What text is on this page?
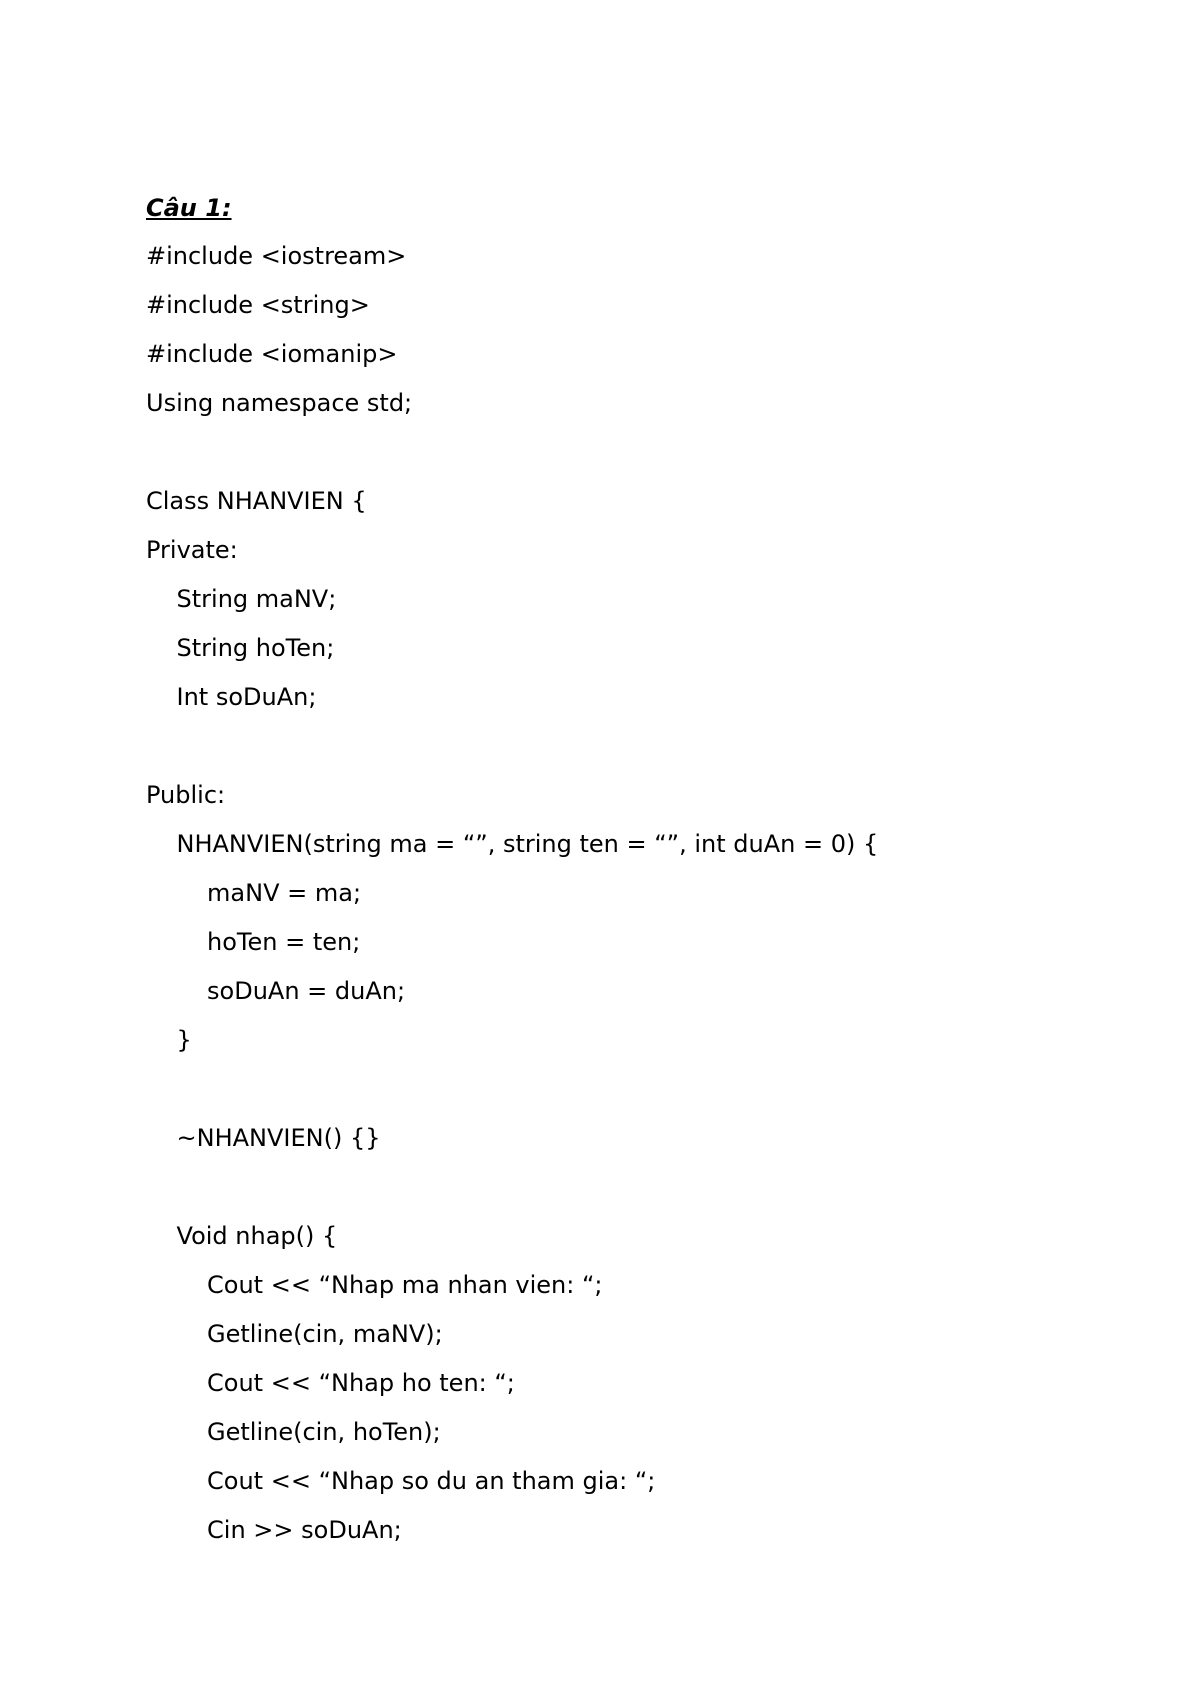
Câu 1:
#include <iostream>
#include <string>
#include <iomanip>
Using namespace std;
Class NHANVIEN {
Private:
String maNV;
String hoTen;
Int soDuAn;
Public:
NHANVIEN(string ma = “”, string ten = “”, int duAn = 0) {
maNV = ma;
hoTen = ten;
soDuAn = duAn;
}
~NHANVIEN() {}
Void nhap() {
Cout << “Nhap ma nhan vien: “;
Getline(cin, maNV);
Cout << “Nhap ho ten: “;
Getline(cin, hoTen);
Cout << “Nhap so du an tham gia: “;
Cin >> soDuAn;
